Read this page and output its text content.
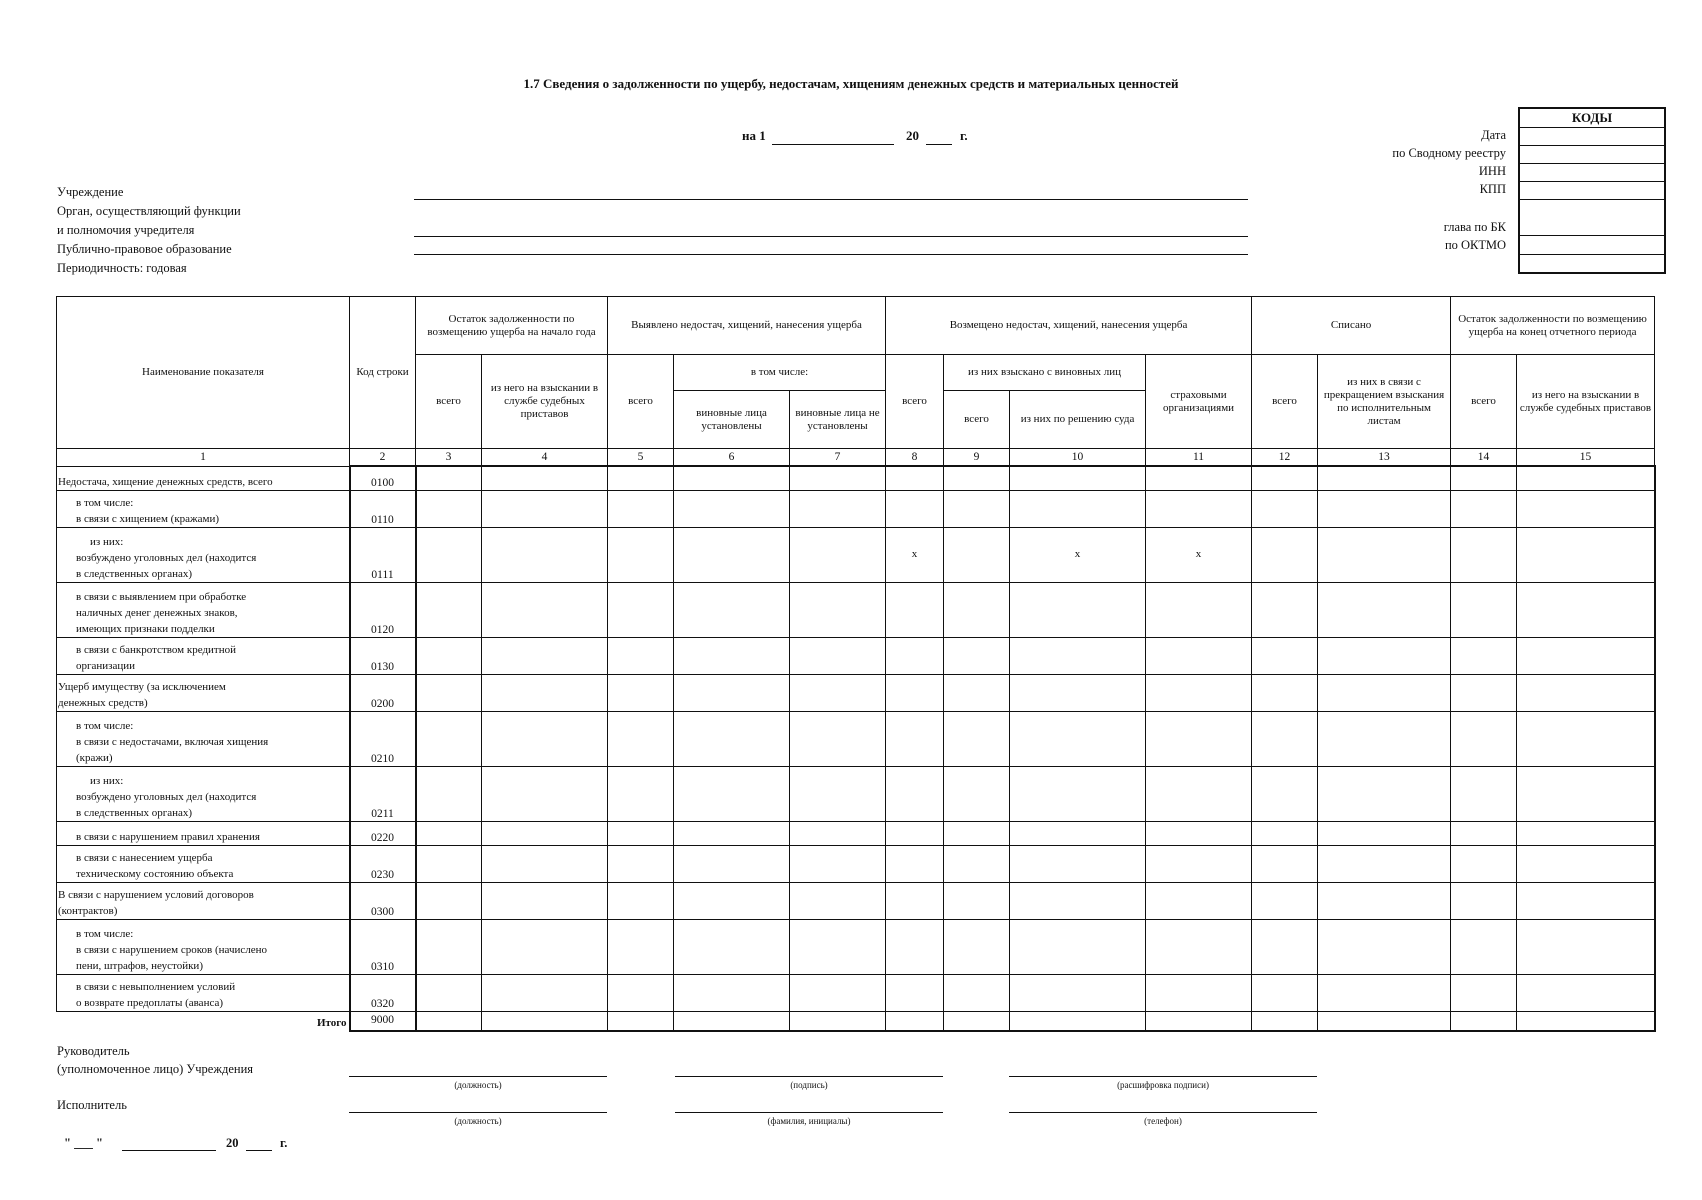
1.7 Сведения о задолженности по ущербу, недостачам, хищениям денежных средств и материальных ценностей
на 1	20	г.
КОДЫ
Дата
по Сводному реестру
ИНН
КПП
глава по БК
по ОКТМО
Учреждение
Орган, осуществляющий функции
и полномочия учредителя
Публично-правовое образование
Периодичность: годовая
Наименование показателя	Код строки	Остаток задолженности по возмещению ущерба на начало года		Выявлено недостач, хищений, нанесения ущерба			Возмещено недостач, хищений, нанесения ущерба				Списано		Остаток задолженности по возмещению ущерба на конец отчетного периода	
		всего	из него на взыскании в службе судебных приставов	всего	в том числе:		всего	из них взыскано с виновных лиц		страховыми организациями	всего	из них в связи с прекращением взыскания по исполнительным листам	всего	из него на взыскании в службе судебных приставов
					виновные лица установлены	виновные лица не установлены		всего	из них по решению суда					
1	2	3	4	5	6	7	8	9	10	11	12	13	14	15

Недостача, хищение денежных средств, всего	0100													

в том числе:
в связи с хищением (кражами)	0110													

из них:
возбуждено уголовных дел (находится
в следственных органах)	0111						x		x	x				

в связи с выявлением при обработке
наличных денег денежных знаков,
имеющих признаки подделки	0120													

в связи с банкротством кредитной
организации	0130													

Ущерб имуществу (за исключением
денежных средств)	0200													

в том числе:
в связи с недостачами, включая хищения
(кражи)	0210													

из них:
возбуждено уголовных дел (находится
в следственных органах)	0211													

в связи с нарушением правил хранения	0220													

в связи с нанесением ущерба
техническому состоянию объекта	0230													

В связи с нарушением условий договоров
(контрактов)	0300													

в том числе:
в связи с нарушением сроков (начислено
пени, штрафов, неустойки)	0310													

в связи с невыполнением условий
о возврате предоплаты (аванса)	0320													
Итого	9000													
Руководитель
(уполномоченное лицо) Учреждения
(должность)	(подпись)	(расшифровка подписи)
Исполнитель
(должность)	(фамилия, инициалы)	(телефон)
" ___ "	20	г.
